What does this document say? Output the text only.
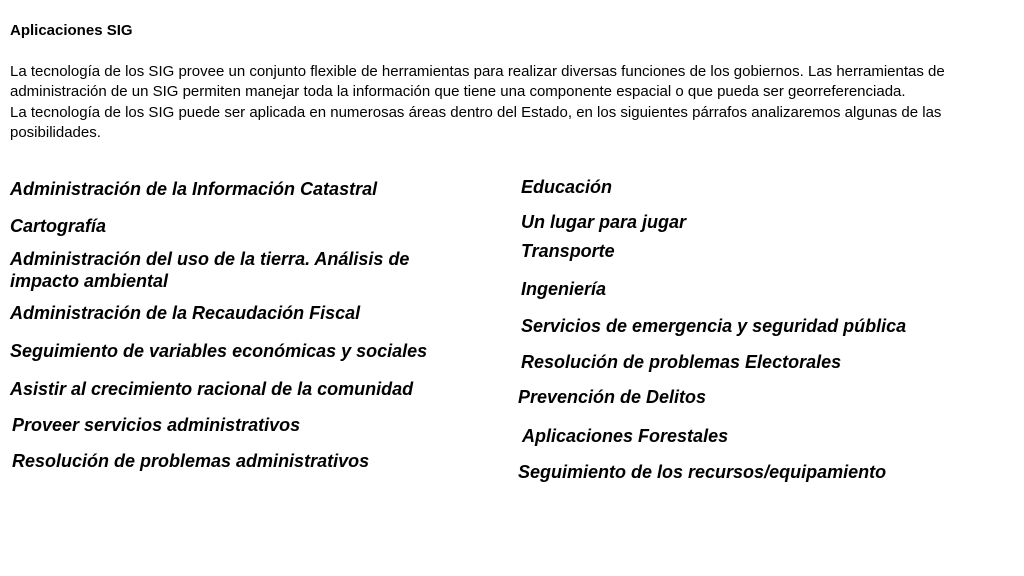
Aplicaciones SIG

La tecnología de los SIG provee un conjunto flexible de herramientas para realizar diversas funciones de los gobiernos. Las herramientas de administración de un SIG permiten manejar toda la información que tiene una componente espacial o que pueda ser georreferenciada.

La tecnología de los SIG puede ser aplicada en numerosas áreas dentro del Estado, en los siguientes párrafos analizaremos algunas de las posibilidades.

Administración de la Información Catastral
Cartografía
Administración del uso de la tierra. Análisis de impacto ambiental
Administración de la Recaudación Fiscal
Seguimiento de variables económicas y sociales
Asistir al crecimiento racional de la comunidad
Proveer servicios administrativos
Resolución de problemas administrativos
Educación
Un lugar para jugar
Transporte
Ingeniería
Servicios de emergencia y seguridad pública
Resolución de problemas Electorales
Prevención de Delitos
Aplicaciones Forestales
Seguimiento de los recursos/equipamiento
